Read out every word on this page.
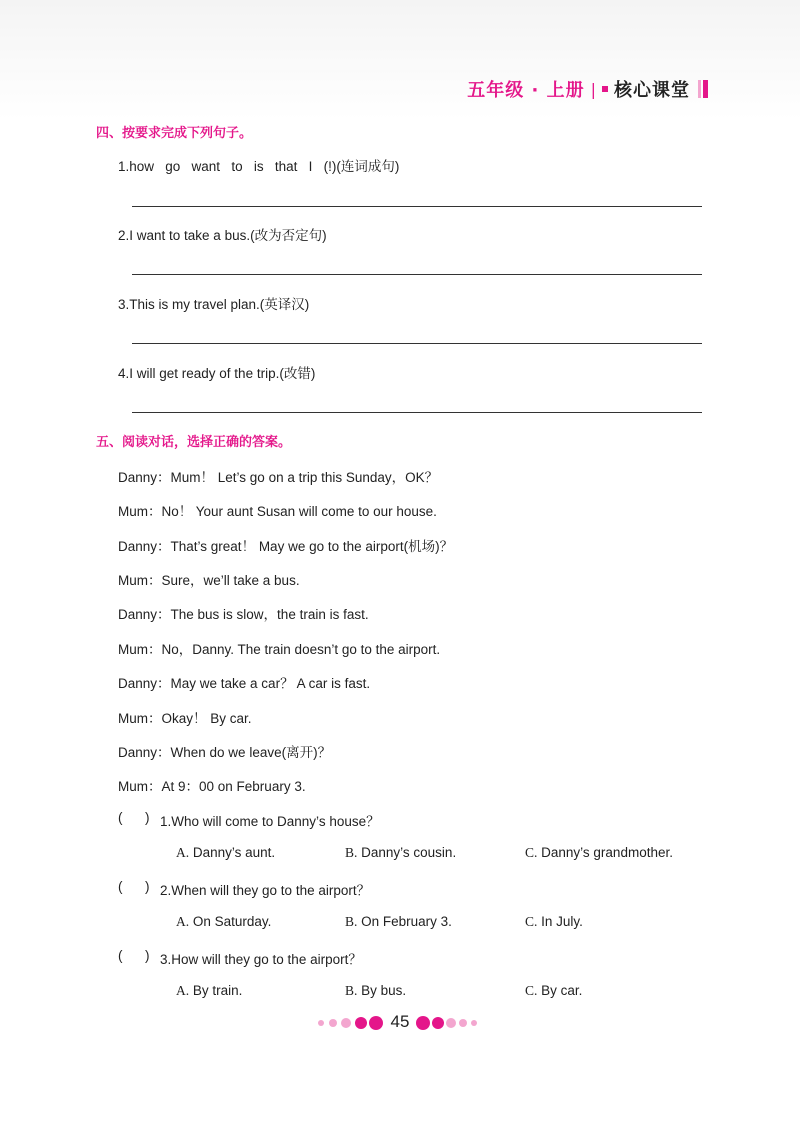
五年级 · 上册 | 核心课堂
四、按要求完成下列句子。
1.how   go   want   to   is   that   I   (!)(连词成句)
2.I want to take a bus.(改为否定句)
3.This is my travel plan.(英译汉)
4.I will get ready of the trip.(改错)
五、阅读对话，选择正确的答案。
Danny：Mum！ Let’s go on a trip this Sunday，OK？
Mum：No！ Your aunt Susan will come to our house.
Danny：That’s great！ May we go to the airport(机场)？
Mum：Sure，we’ll take a bus.
Danny：The bus is slow，the train is fast.
Mum：No，Danny. The train doesn’t go to the airport.
Danny：May we take a car？ A car is fast.
Mum：Okay！ By car.
Danny：When do we leave(离开)？
Mum：At 9：00 on February 3.
(      ) 1.Who will come to Danny’s house？
A. Danny’s aunt.	B. Danny’s cousin.	C. Danny’s grandmother.
(      ) 2.When will they go to the airport？
A. On Saturday.	B. On February 3.	C. In July.
(      ) 3.How will they go to the airport？
A. By train.	B. By bus.	C. By car.
45
